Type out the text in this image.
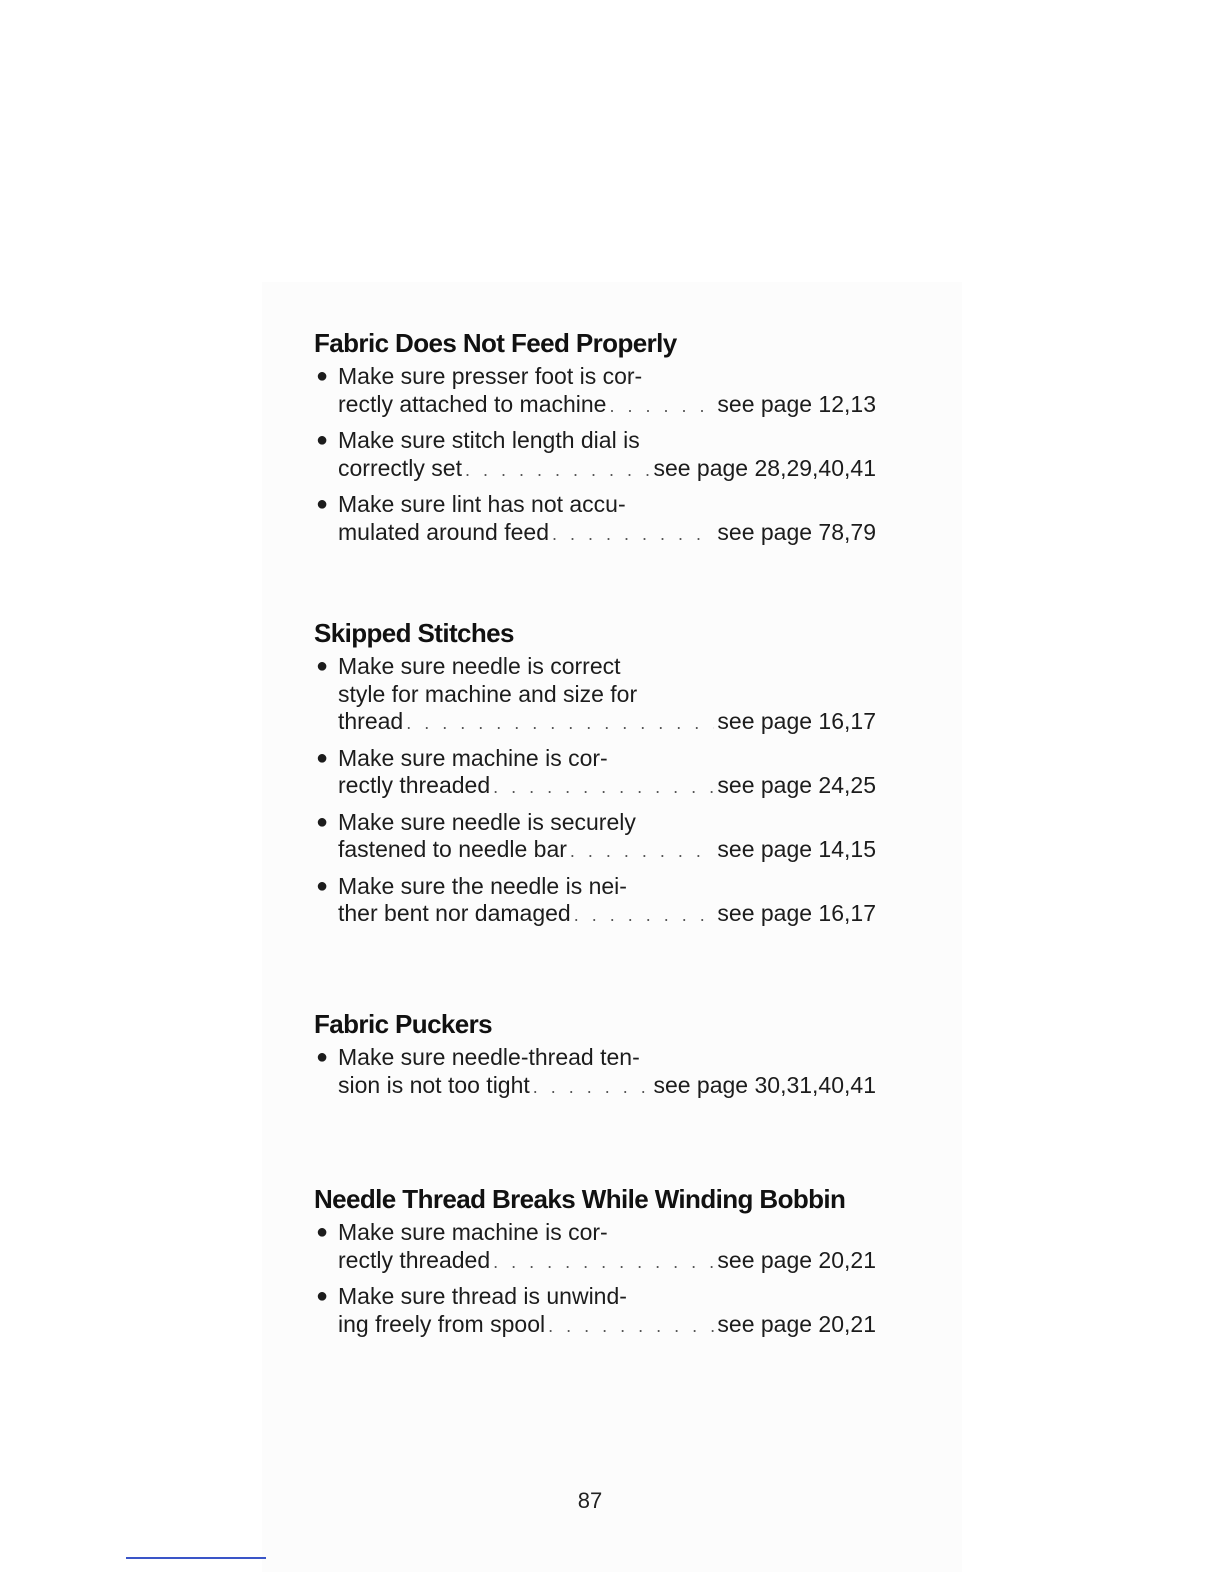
Fabric Does Not Feed Properly
● Make sure presser foot is cor-
rectly attached to machine . . .	see page 12,13
● Make sure stitch length dial is
correctly set . . .	see page 28,29,40,41
● Make sure lint has not accu-
mulated around feed . . .	see page 78,79
Skipped Stitches
● Make sure needle is correct
style for machine and size for
thread . . .	see page 16,17
● Make sure machine is cor-
rectly threaded . . .	see page 24,25
● Make sure needle is securely
fastened to needle bar . . .	see page 14,15
● Make sure the needle is nei-
ther bent nor damaged . . .	see page 16,17
Fabric Puckers
● Make sure needle-thread ten-
sion is not too tight . . .	see page 30,31,40,41
Needle Thread Breaks While Winding Bobbin
● Make sure machine is cor-
rectly threaded . . .	see page 20,21
● Make sure thread is unwind-
ing freely from spool . . .	see page 20,21
87
